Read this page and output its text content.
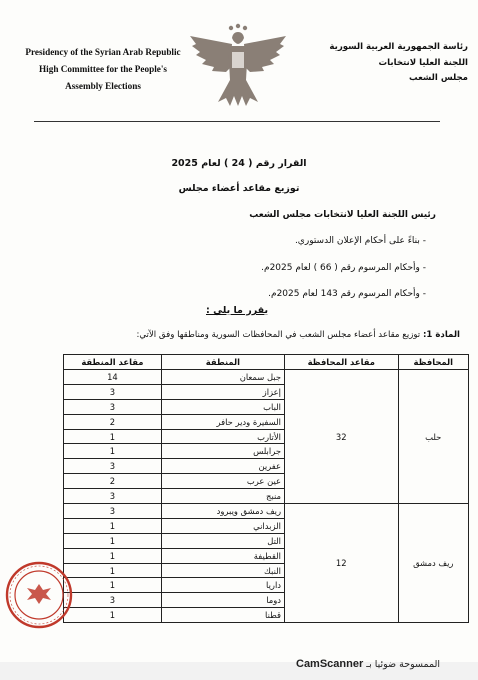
Presidency of the Syrian Arab Republic
High Committee for the People's
Assembly Elections
رئاسة الجمهورية العربية السورية
اللجنة العليا لانتخابات
مجلس الشعب
القرار رقم ( 24 ) لعام 2025
توزيع مقاعد أعضاء مجلس
رئيس اللجنة العليا لانتخابات مجلس الشعب
- بناءً على أحكام الإعلان الدستوري.
- وأحكام المرسوم رقم ( 66 ) لعام 2025م.
- وأحكام المرسوم رقم 143 لعام 2025م.
يقرر ما يلي :
المادة 1: توزيع مقاعد أعضاء مجلس الشعب في المحافظات السورية ومناطقها وفق الآتي:
المحافظة	مقاعد المحافظة	المنطقة	مقاعد المنطقة
حلب	32	جبل سمعان	14
		إعزاز	3
		الباب	3
		السفيرة ودير حافر	2
		الأتارب	1
		جرابلس	1
		عفرين	3
		عين عرب	2
		منبج	3
ريف دمشق	12	ريف دمشق ويبرود	3
		الزبداني	1
		التل	1
		القطيفة	1
		النبك	1
		داريا	1
		دوما	3
		قطنا	1
الممسوحة ضوئيا بـ CamScanner
